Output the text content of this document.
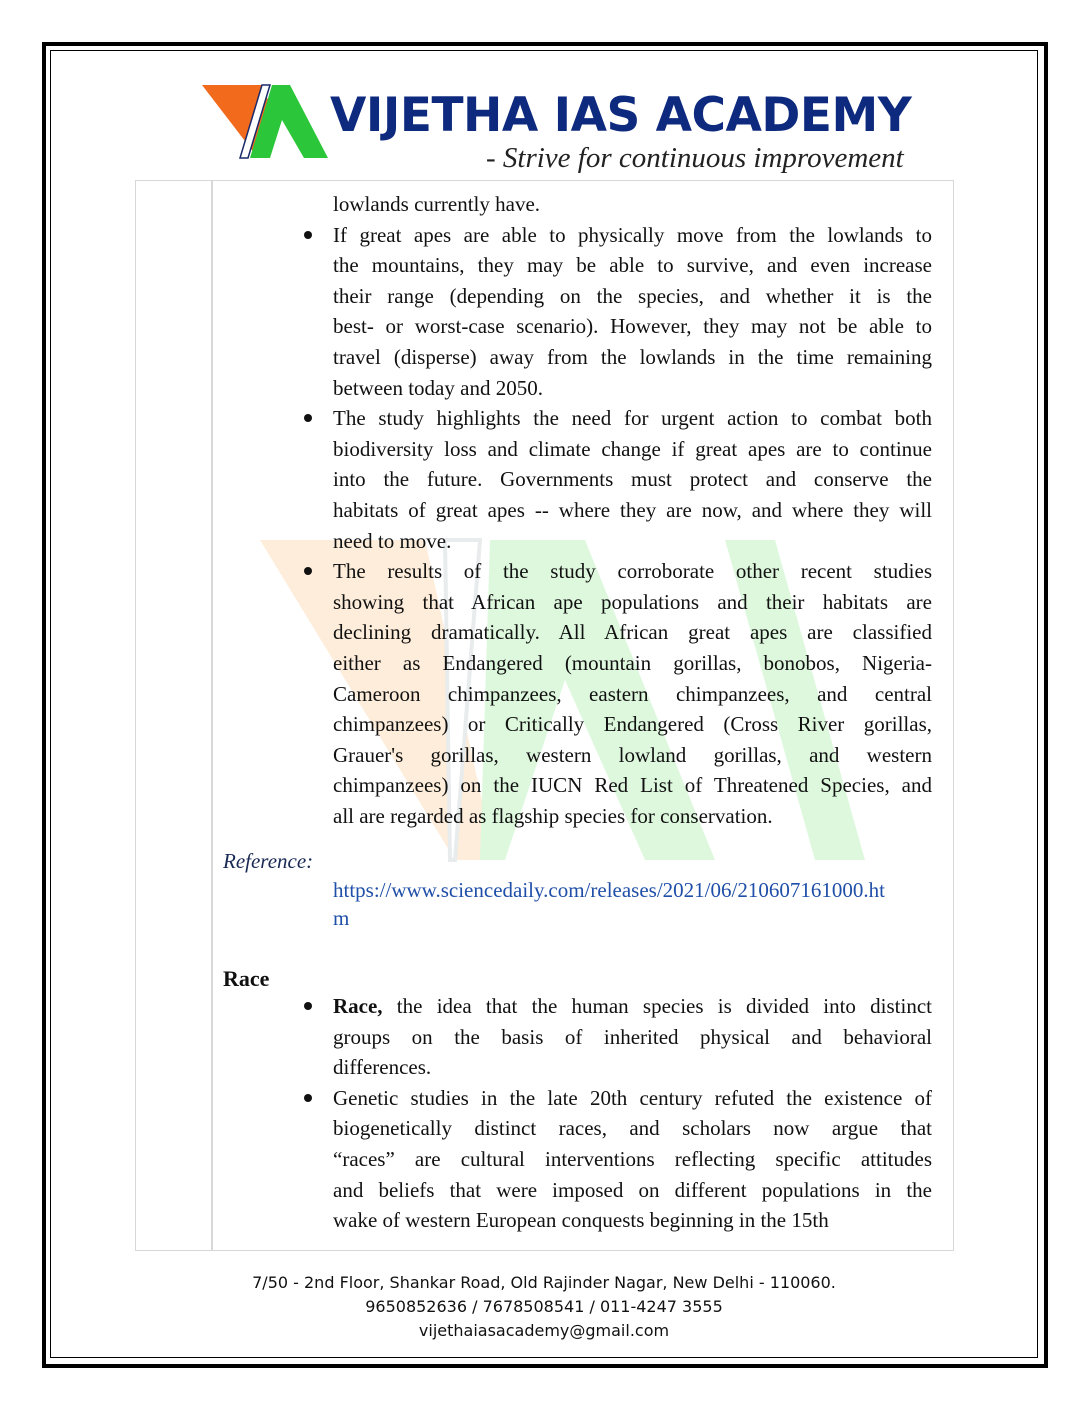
VIJETHA IAS ACADEMY
- Strive for continuous improvement
lowlands currently have.
If great apes are able to physically move from the lowlands to
the mountains, they may be able to survive, and even increase
their range (depending on the species, and whether it is the
best- or worst-case scenario). However, they may not be able to
travel (disperse) away from the lowlands in the time remaining
between today and 2050.
The study highlights the need for urgent action to combat both
biodiversity loss and climate change if great apes are to continue
into the future. Governments must protect and conserve the
habitats of great apes -- where they are now, and where they will
need to move.
The results of the study corroborate other recent studies
showing that African ape populations and their habitats are
declining dramatically. All African great apes are classified
either as Endangered (mountain gorillas, bonobos, Nigeria-
Cameroon chimpanzees, eastern chimpanzees, and central
chimpanzees) or Critically Endangered (Cross River gorillas,
Grauer's gorillas, western lowland gorillas, and western
chimpanzees) on the IUCN Red List of Threatened Species, and
all are regarded as flagship species for conservation.
Race, the idea that the human species is divided into distinct
groups on the basis of inherited physical and behavioral
differences.
Genetic studies in the late 20th century refuted the existence of
biogenetically distinct races, and scholars now argue that
“races” are cultural interventions reflecting specific attitudes
and beliefs that were imposed on different populations in the
wake of western European conquests beginning in the 15th
Reference:
https://www.sciencedaily.com/releases/2021/06/210607161000.ht
m
Race
7/50 - 2nd Floor, Shankar Road, Old Rajinder Nagar, New Delhi - 110060.
9650852636 / 7678508541 / 011-4247 3555
vijethaiasacademy@gmail.com
